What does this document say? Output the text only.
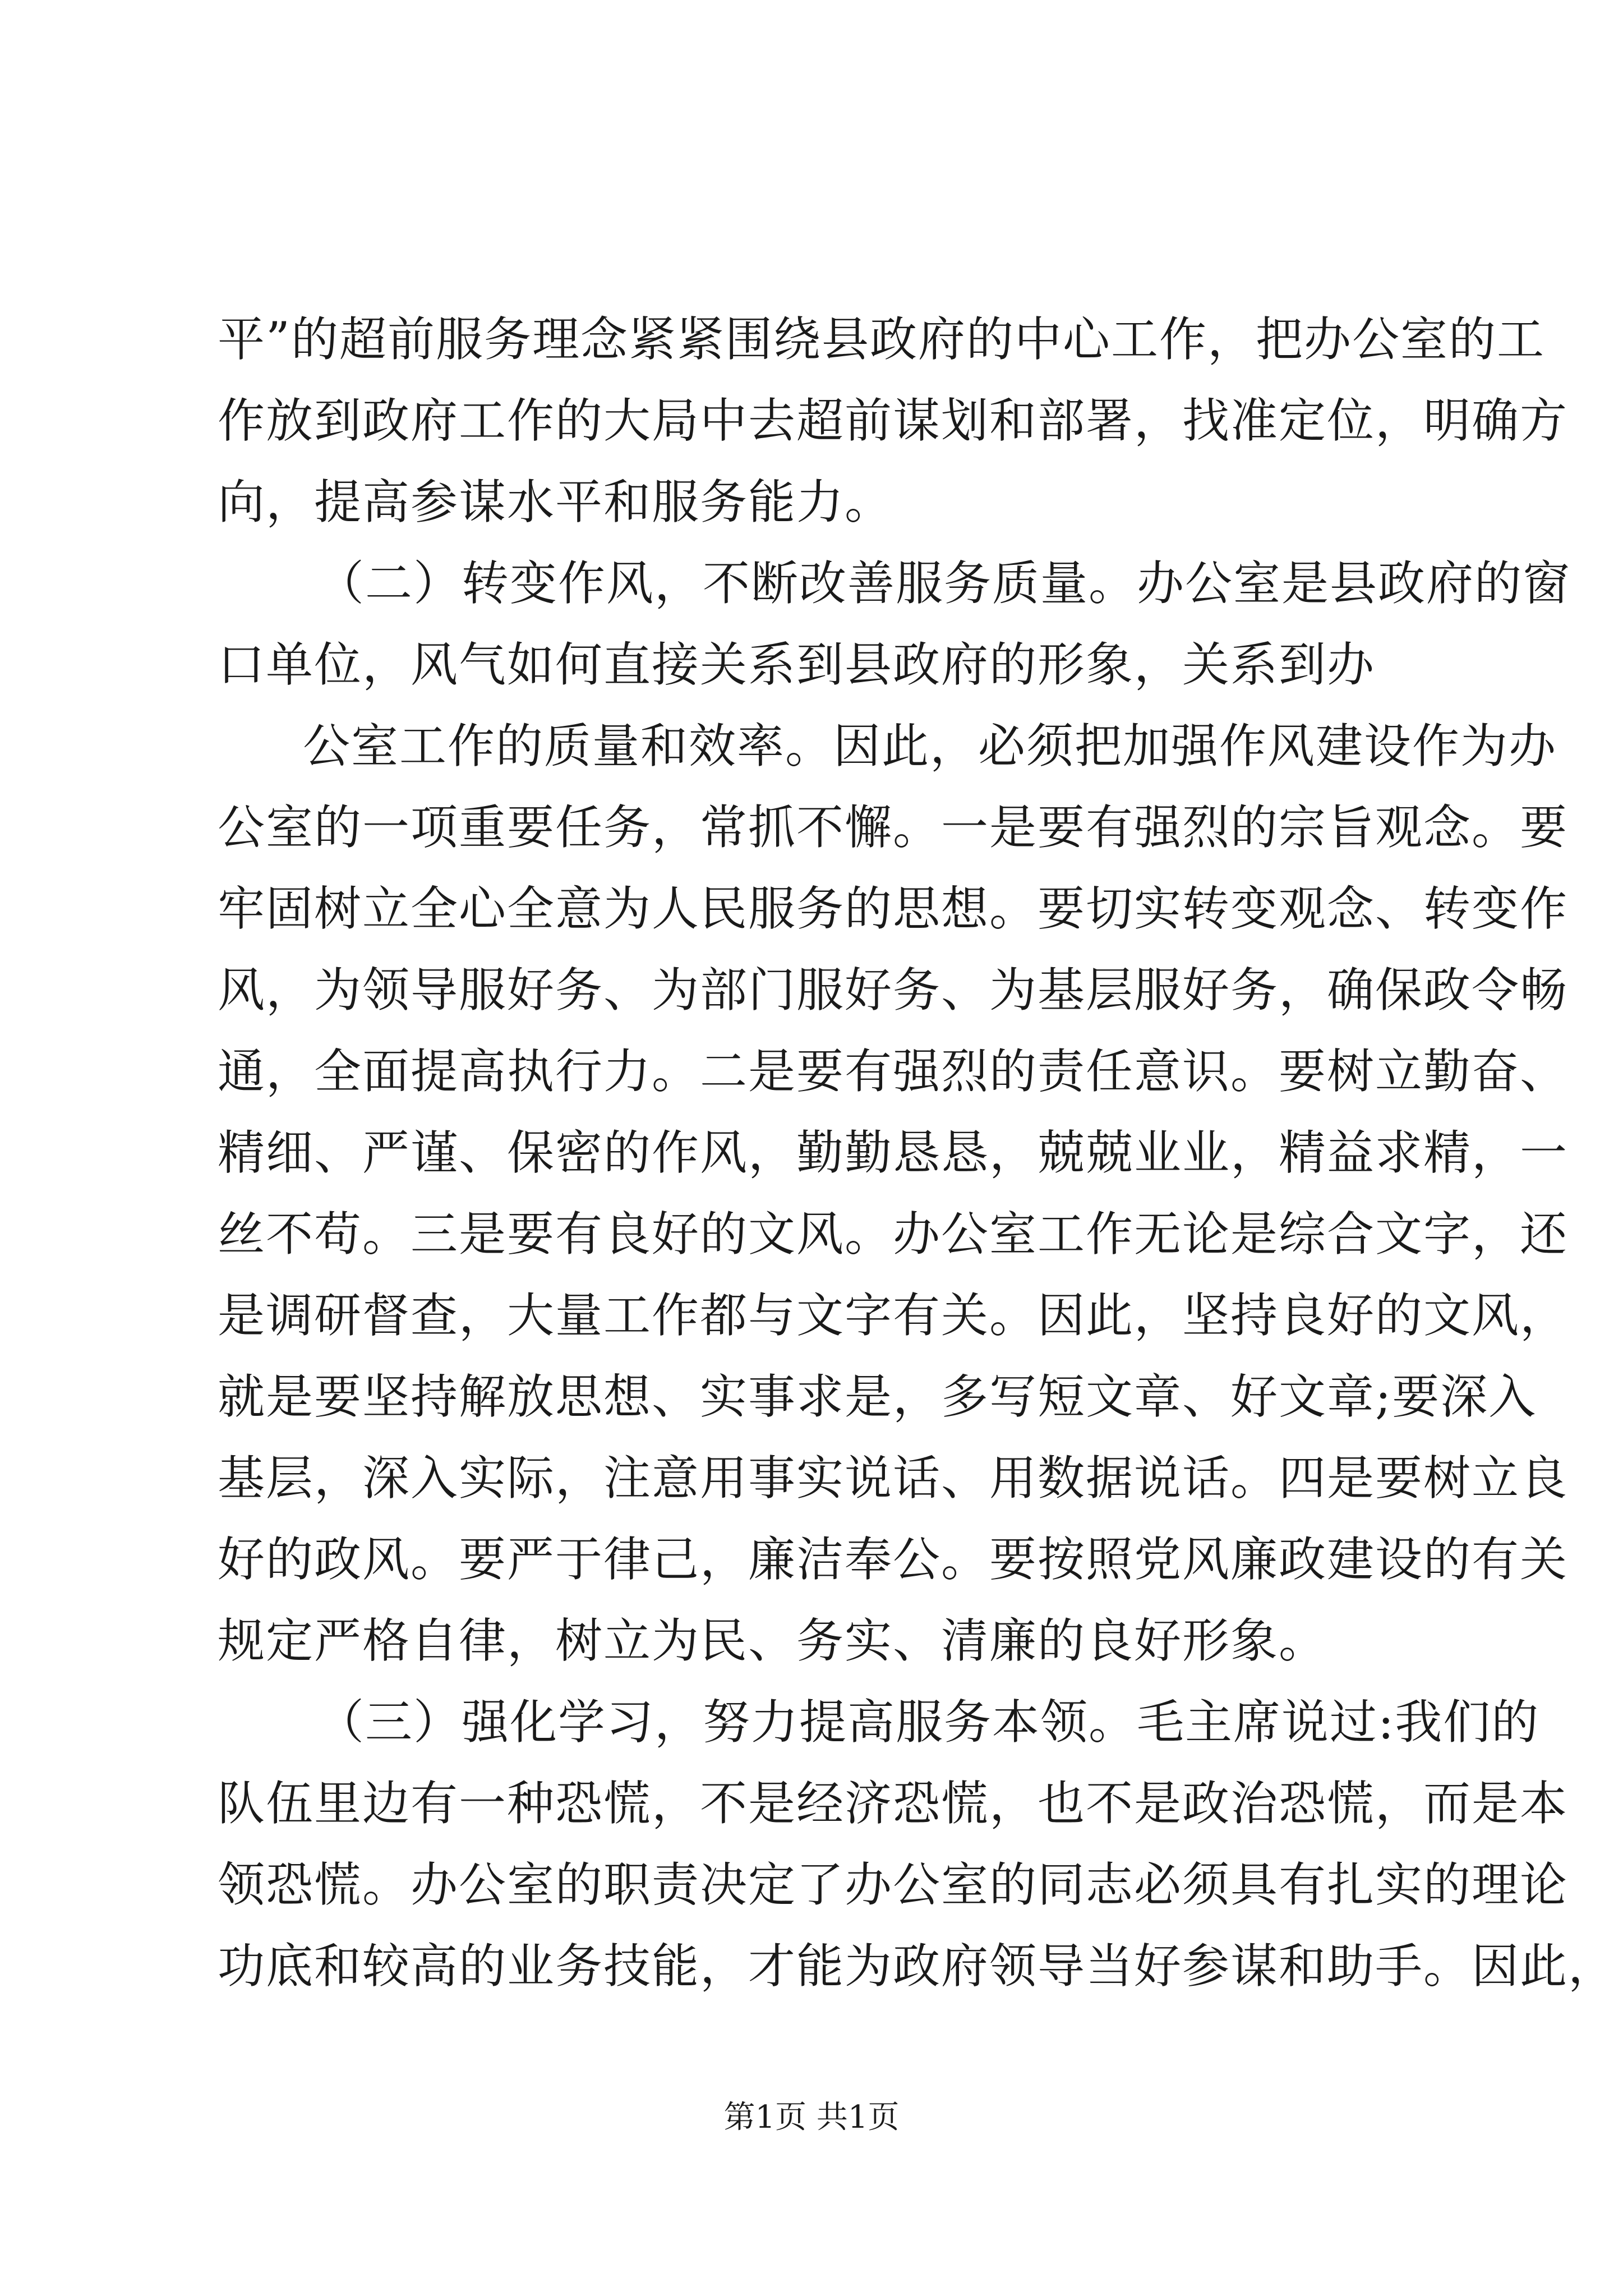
平”的超前服务理念紧紧围绕县政府的中心工作，把办公室的工
作放到政府工作的大局中去超前谋划和部署，找准定位，明确方
向，提高参谋水平和服务能力。
（二）转变作风，不断改善服务质量。办公室是县政府的窗
口单位，风气如何直接关系到县政府的形象，关系到办
公室工作的质量和效率。因此，必须把加强作风建设作为办
公室的一项重要任务，常抓不懈。一是要有强烈的宗旨观念。要
牢固树立全心全意为人民服务的思想。要切实转变观念、转变作
风，为领导服好务、为部门服好务、为基层服好务，确保政令畅
通，全面提高执行力。二是要有强烈的责任意识。要树立勤奋、
精细、严谨、保密的作风，勤勤恳恳，兢兢业业，精益求精，一
丝不苟。三是要有良好的文风。办公室工作无论是综合文字，还
是调研督查，大量工作都与文字有关。因此，坚持良好的文风，
就是要坚持解放思想、实事求是，多写短文章、好文章;要深入
基层，深入实际，注意用事实说话、用数据说话。四是要树立良
好的政风。要严于律己，廉洁奉公。要按照党风廉政建设的有关
规定严格自律，树立为民、务实、清廉的良好形象。
（三）强化学习，努力提高服务本领。毛主席说过:我们的
队伍里边有一种恐慌，不是经济恐慌，也不是政治恐慌，而是本
领恐慌。办公室的职责决定了办公室的同志必须具有扎实的理论
功底和较高的业务技能，才能为政府领导当好参谋和助手。因此，
第1页 共1页
